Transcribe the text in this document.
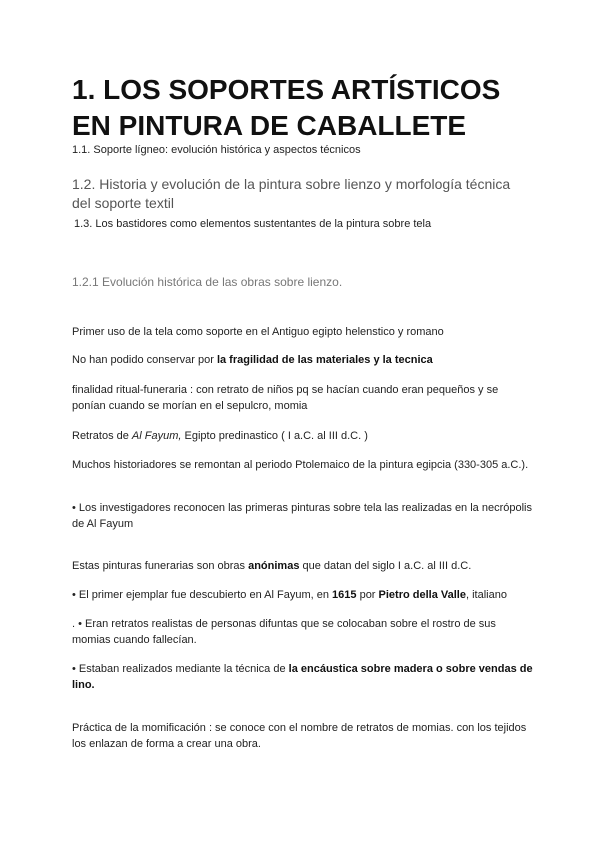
1. LOS SOPORTES ARTÍSTICOS EN PINTURA DE CABALLETE

1.1. Soporte lígneo: evolución histórica y aspectos técnicos

1.2. Historia y evolución de la pintura sobre lienzo y morfología técnica del soporte textil

1.3. Los bastidores como elementos sustentantes de la pintura sobre tela

1.2.1 Evolución histórica de las obras sobre lienzo.

Primer uso de la tela como soporte en el Antiguo egipto helenstico y romano

No han podido conservar por la fragilidad de las materiales y la tecnica

finalidad ritual-funeraria : con retrato de niños pq se hacían cuando eran pequeños y se ponían cuando se morían en el sepulcro, momia

Retratos de Al Fayum, Egipto predinastico ( I a.C. al III d.C. )

Muchos historiadores se remontan al periodo Ptolemaico de la pintura egipcia (330-305 a.C.).

• Los investigadores reconocen las primeras pinturas sobre tela las realizadas en la necrópolis de Al Fayum

Estas pinturas funerarias son obras anónimas que datan del siglo I a.C. al III d.C.

• El primer ejemplar fue descubierto en Al Fayum, en 1615 por Pietro della Valle, italiano

. • Eran retratos realistas de personas difuntas que se colocaban sobre el rostro de sus momias cuando fallecían.

• Estaban realizados mediante la técnica de la encáustica sobre madera o sobre vendas de lino.

Práctica de la momificación : se conoce con el nombre de retratos de momias. con los tejidos los enlazan de forma a crear una obra.
